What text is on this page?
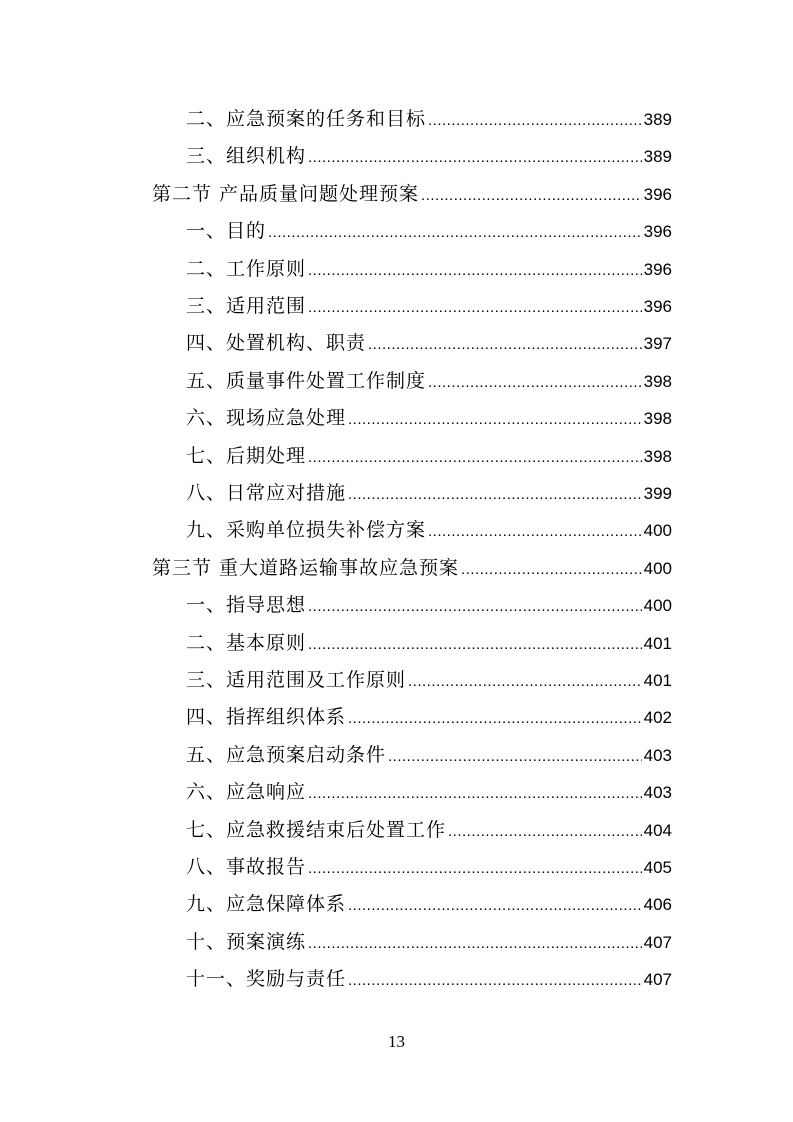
二、应急预案的任务和目标 .....	389
三、组织机构 .....	389
第二节 产品质量问题处理预案 .....	396
一、目的 .....	396
二、工作原则 .....	396
三、适用范围 .....	396
四、处置机构、职责 .....	397
五、质量事件处置工作制度 .....	398
六、现场应急处理 .....	398
七、后期处理 .....	398
八、日常应对措施 .....	399
九、采购单位损失补偿方案 .....	400
第三节 重大道路运输事故应急预案 .....	400
一、指导思想 .....	400
二、基本原则 .....	401
三、适用范围及工作原则 .....	401
四、指挥组织体系 .....	402
五、应急预案启动条件 .....	403
六、应急响应 .....	403
七、应急救援结束后处置工作 .....	404
八、事故报告 .....	405
九、应急保障体系 .....	406
十、预案演练 .....	407
十一、奖励与责任 .....	407
13
